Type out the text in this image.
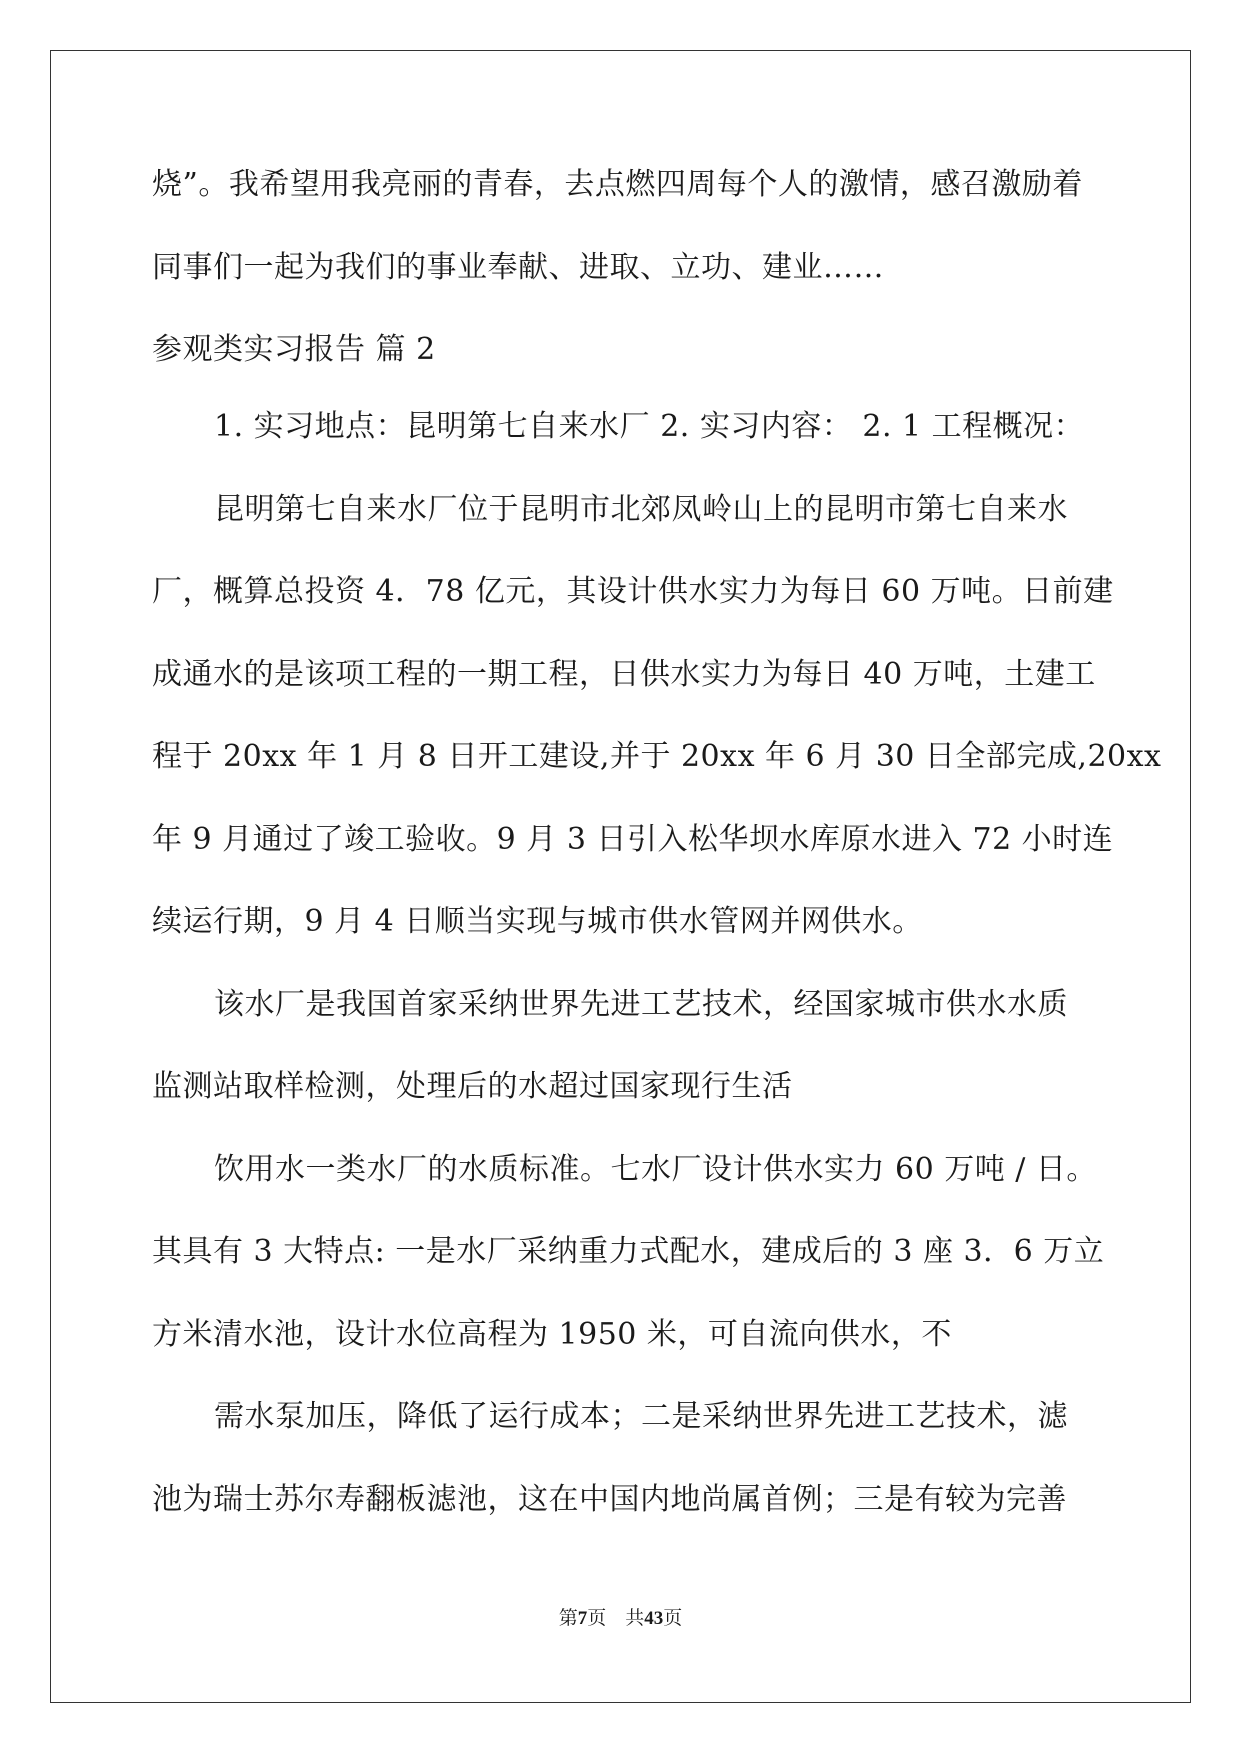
烧”。我希望用我亮丽的青春，去点燃四周每个人的激情，感召激励着
同事们一起为我们的事业奉献、进取、立功、建业……
参观类实习报告 篇 2
1. 实习地点：昆明第七自来水厂 2. 实习内容： 2. 1 工程概况：
昆明第七自来水厂位于昆明市北郊凤岭山上的昆明市第七自来水
厂，概算总投资 4．78 亿元，其设计供水实力为每日 60 万吨。日前建
成通水的是该项工程的一期工程，日供水实力为每日 40 万吨，土建工
程于 20xx 年 1 月 8 日开工建设,并于 20xx 年 6 月 30 日全部完成,20xx
年 9 月通过了竣工验收。9 月 3 日引入松华坝水库原水进入 72 小时连
续运行期，9 月 4 日顺当实现与城市供水管网并网供水。
该水厂是我国首家采纳世界先进工艺技术，经国家城市供水水质
监测站取样检测，处理后的水超过国家现行生活
饮用水一类水厂的水质标准。七水厂设计供水实力 60 万吨 / 日。
其具有 3 大特点: 一是水厂采纳重力式配水，建成后的 3 座 3．6 万立
方米清水池，设计水位高程为 1950 米，可自流向供水，不
需水泵加压，降低了运行成本；二是采纳世界先进工艺技术，滤
池为瑞士苏尔寿翻板滤池，这在中国内地尚属首例；三是有较为完善
第7页　共43页
